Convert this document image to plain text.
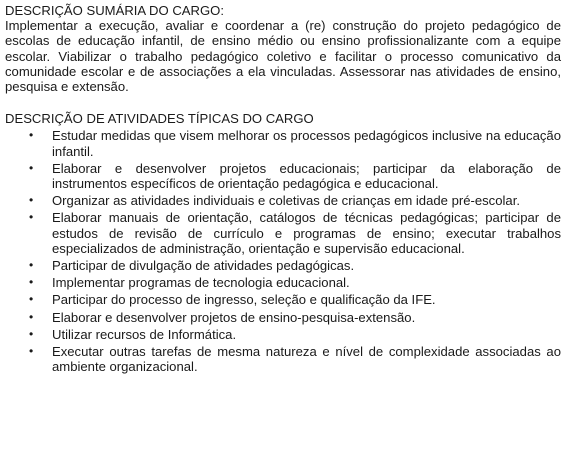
DESCRIÇÃO SUMÁRIA DO CARGO:

Implementar a execução, avaliar e coordenar a (re) construção do projeto pedagógico de escolas de educação infantil, de ensino médio ou ensino profissionalizante com a equipe escolar. Viabilizar o trabalho pedagógico coletivo e facilitar o processo comunicativo da comunidade escolar e de associações a ela vinculadas. Assessorar nas atividades de ensino, pesquisa e extensão.

DESCRIÇÃO DE ATIVIDADES TÍPICAS DO CARGO
• Estudar medidas que visem melhorar os processos pedagógicos inclusive na educação infantil.
• Elaborar e desenvolver projetos educacionais; participar da elaboração de instrumentos específicos de orientação pedagógica e educacional.
• Organizar as atividades individuais e coletivas de crianças em idade pré-escolar.
• Elaborar manuais de orientação, catálogos de técnicas pedagógicas; participar de estudos de revisão de currículo e programas de ensino; executar trabalhos especializados de administração, orientação e supervisão educacional.
• Participar de divulgação de atividades pedagógicas.
• Implementar programas de tecnologia educacional.
• Participar do processo de ingresso, seleção e qualificação da IFE.
• Elaborar e desenvolver projetos de ensino-pesquisa-extensão.
• Utilizar recursos de Informática.
• Executar outras tarefas de mesma natureza e nível de complexidade associadas ao ambiente organizacional.
